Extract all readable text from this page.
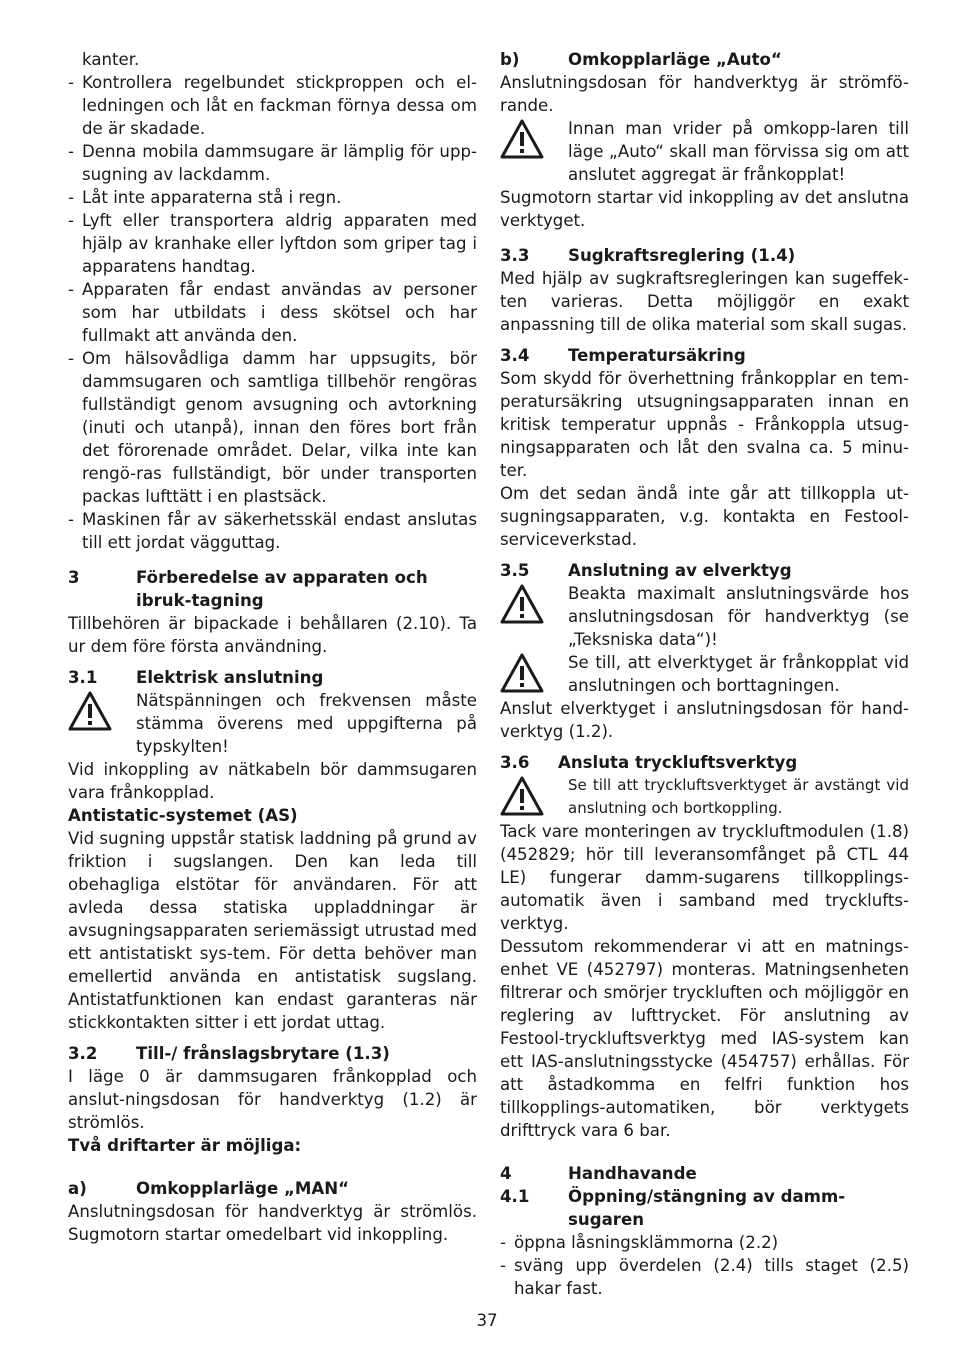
kanter.

- Kontrollera regelbundet stickproppen och el-ledningen och låt en fackman förnya dessa om de är skadade.
- Denna mobila dammsugare är lämplig för upp-sugning av lackdamm.
- Låt inte apparaterna stå i regn.
- Lyft eller transportera aldrig apparaten med hjälp av kranhake eller lyftdon som griper tag i apparatens handtag.
- Apparaten får endast användas av personer som har utbildats i dess skötsel och har fullmakt att använda den.
- Om hälsovådliga damm har uppsugits, bör dammsugaren och samtliga tillbehör rengöras fullständigt genom avsugning och avtorkning (inuti och utanpå), innan den föres bort från det förorenade området. Delar, vilka inte kan rengö-ras fullständigt, bör under transporten packas lufttätt i en plastsäck.
- Maskinen får av säkerhetsskäl endast anslutas till ett jordat vägguttag.
3	Förberedelse av apparaten och ibruk-tagning

Tillbehören är bipackade i behållaren (2.10). Ta ur dem före första användning.

3.1	Elektrisk anslutning
Nätspänningen och frekvensen måste stämma överens med uppgifterna på typskylten!

Vid inkoppling av nätkabeln bör dammsugaren vara frånkopplad.

Antistatic-systemet (AS)

Vid sugning uppstår statisk laddning på grund av friktion i sugslangen. Den kan leda till obehagliga elstötar för användaren. För att avleda dessa statiska uppladdningar är avsugningsapparaten seriemässigt utrustad med ett antistatiskt sys-tem. För detta behöver man emellertid använda en antistatisk sugslang. Antistatfunktionen kan endast garanteras när stickkontakten sitter i ett jordat uttag.

3.2	Till-/ frånslagsbrytare (1.3)

I läge 0 är dammsugaren frånkopplad och anslut-ningsdosan för handverktyg (1.2) är strömlös.

Två driftarter är möjliga:

a)	Omkopplarläge „MAN“

Anslutningsdosan för handverktyg är strömlös. Sugmotorn startar omedelbart vid inkoppling.

b)	Omkopplarläge „Auto“

Anslutningsdosan för handverktyg är strömfö-rande.

Innan man vrider på omkopp-laren till läge „Auto“ skall man förvissa sig om att anslutet aggregat är frånkopplat!

Sugmotorn startar vid inkoppling av det anslutna verktyget.

3.3	Sugkraftsreglering (1.4)

Med hjälp av sugkraftsregleringen kan sugeffek-ten varieras. Detta möjliggör en exakt anpassning till de olika material som skall sugas.

3.4	Temperatursäkring

Som skydd för överhettning frånkopplar en tem-peratursäkring utsugningsapparaten innan en kritisk temperatur uppnås - Frånkoppla utsug-ningsapparaten och låt den svalna ca. 5 minu-ter.

Om det sedan ändå inte går att tillkoppla ut-sugningsapparaten, v.g. kontakta en Festool-serviceverkstad.

3.5	Anslutning av elverktyg
Beakta maximalt anslutningsvärde hos anslutningsdosan för handverktyg (se „Teksniska data“)!
Se till, att elverktyget är frånkopplat vid anslutningen och borttagningen.

Anslut elverktyget i anslutningsdosan för hand-verktyg (1.2).

3.6	Ansluta tryckluftsverktyg
Se till att tryckluftsverktyget är avstängt vid anslutning och bortkoppling.

Tack vare monteringen av tryckluftmodulen (1.8) (452829; hör till leveransomfånget på CTL 44 LE) fungerar damm-sugarens tillkopplings-automatik även i samband med trycklufts-verktyg.

Dessutom rekommenderar vi att en matnings-enhet VE (452797) monteras. Matningsenheten filtrerar och smörjer tryckluften och möjliggör en reglering av lufttrycket. För anslutning av Festool-tryckluftsverktyg med IAS-system kan ett IAS-anslutningsstycke (454757) erhållas. För att åstadkomma en felfri funktion hos tillkopplings-automatiken, bör verktygets drifttryck vara 6 bar.

4	Handhavande
4.1	Öppning/stängning av damm-sugaren
- öppna låsningsklämmorna (2.2)
- sväng upp överdelen (2.4) tills staget (2.5) hakar fast.
37
